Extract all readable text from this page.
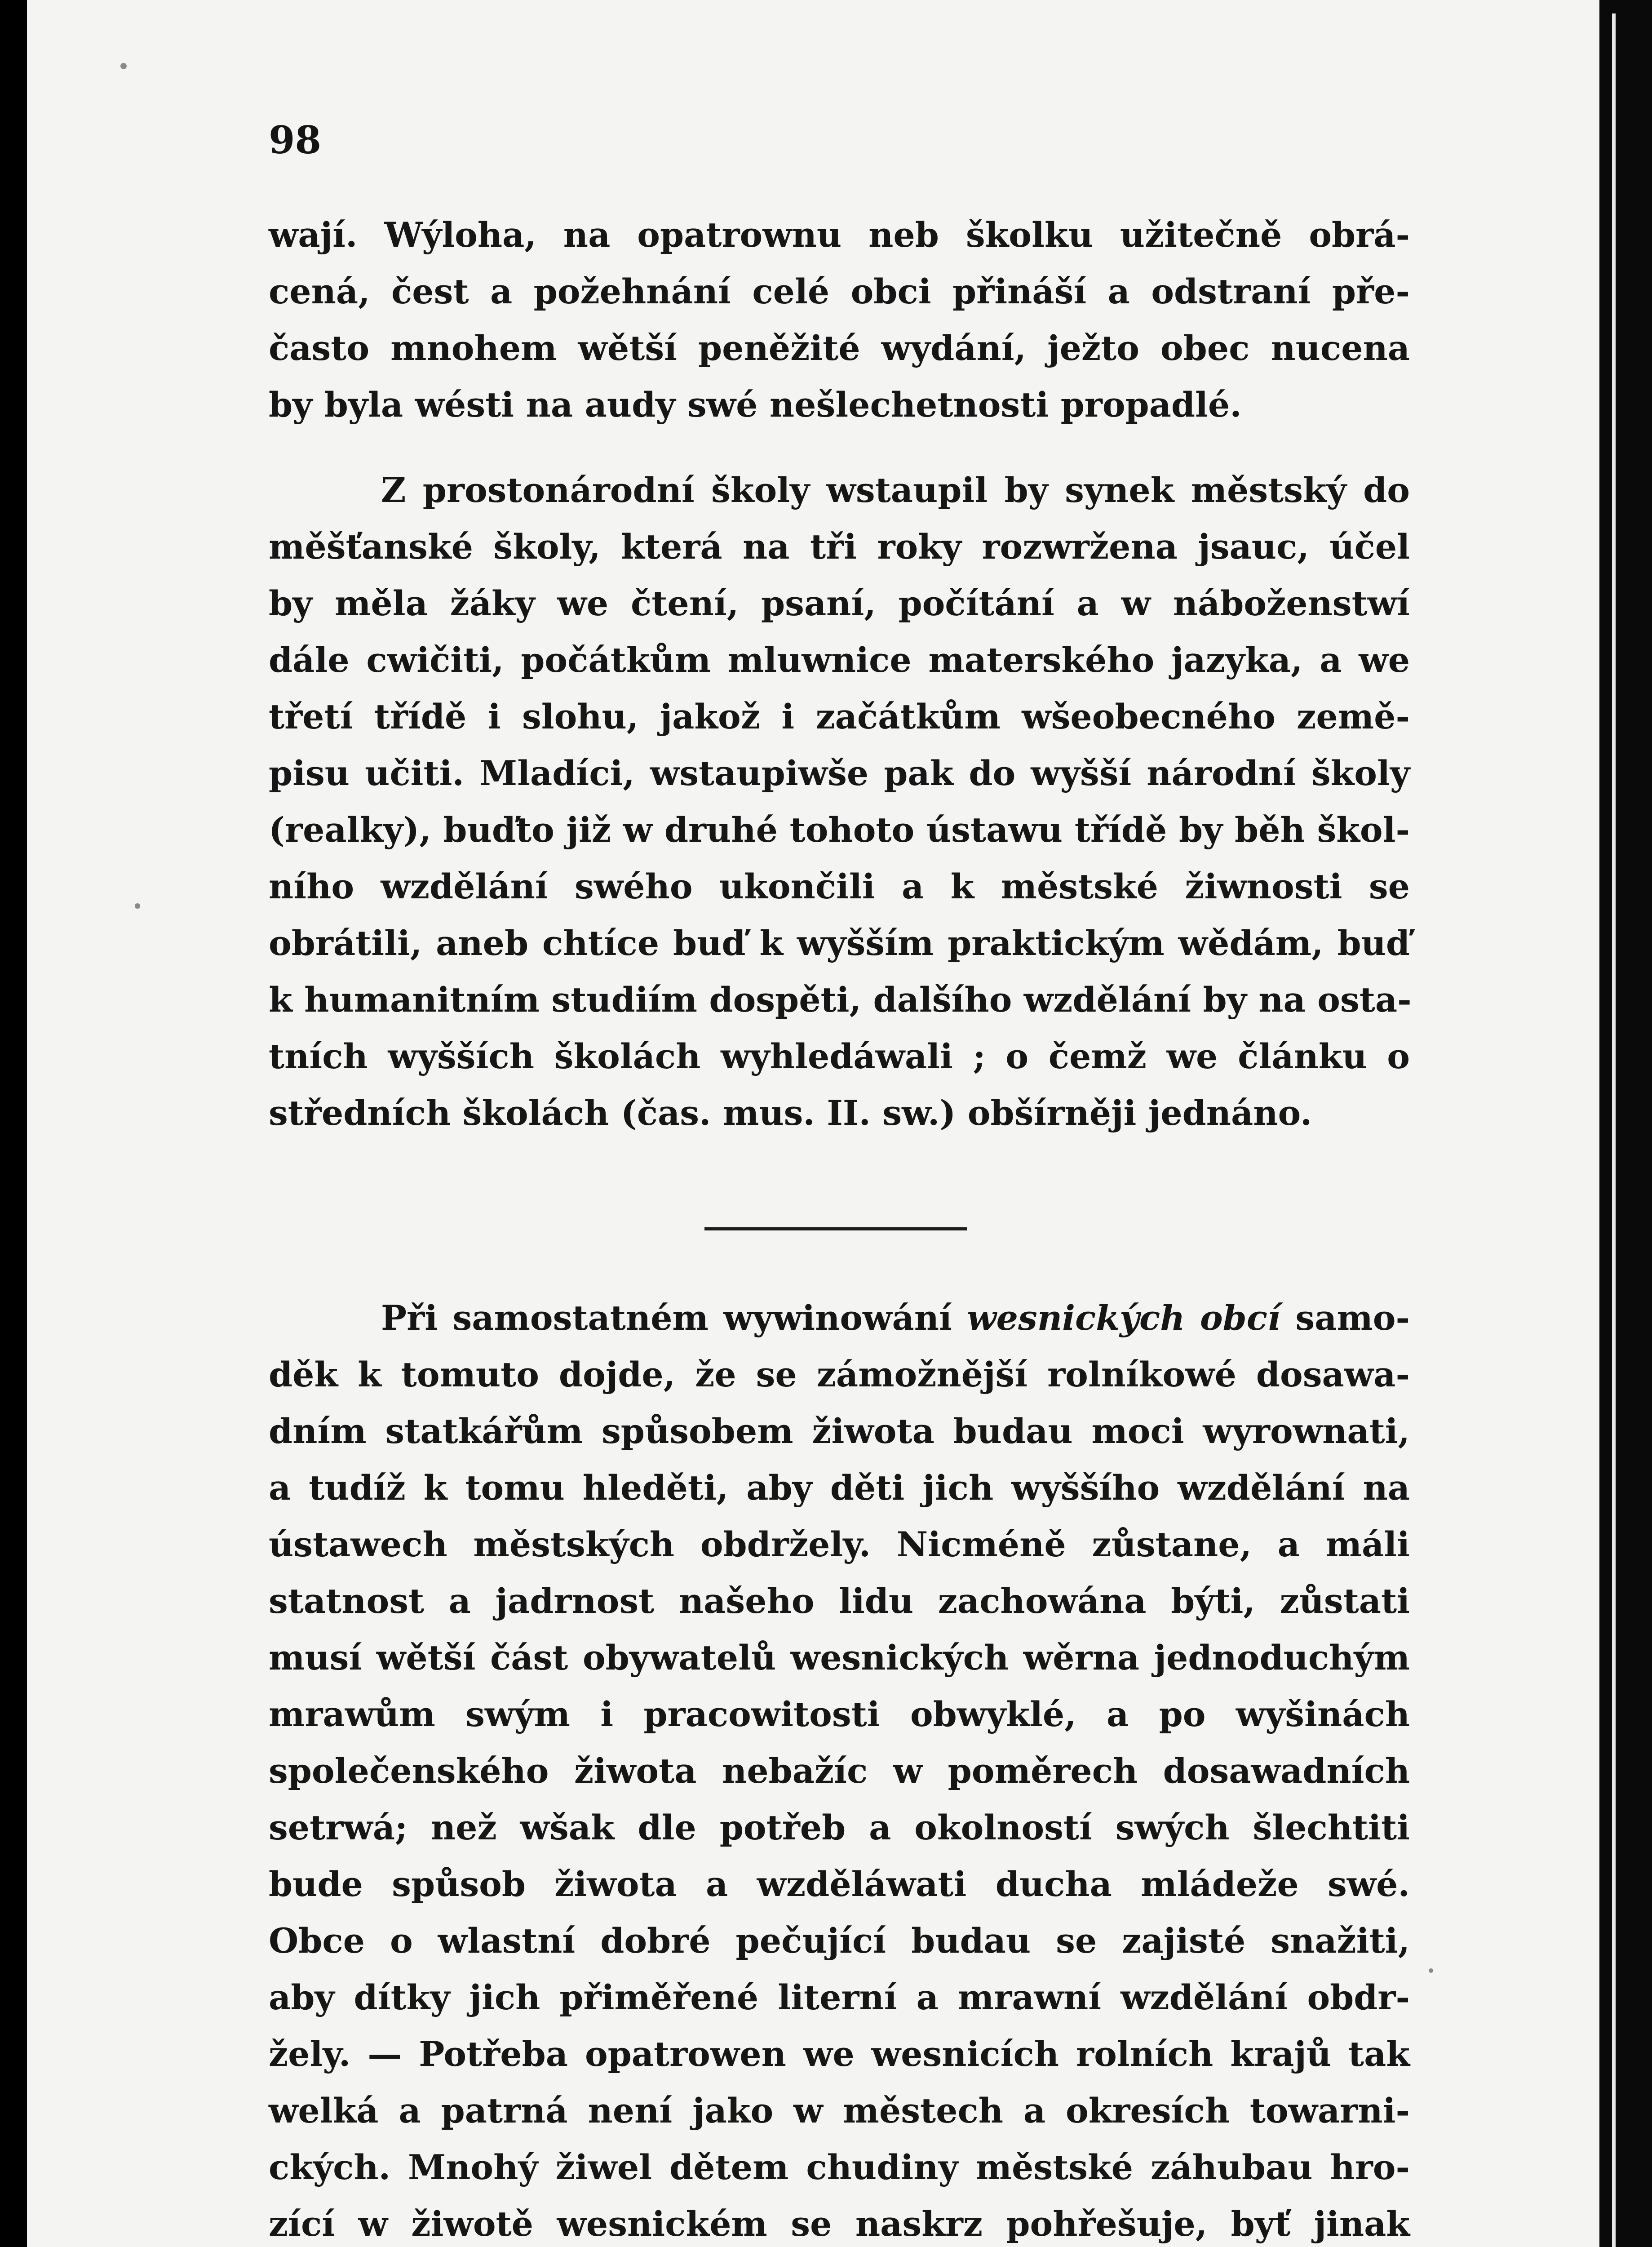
98
wají. Wýloha, na opatrownu neb školku užitečně obrá-
cená, čest a požehnání celé obci přináší a odstraní pře-
často mnohem wětší peněžité wydání, ježto obec nucena
by byla wésti na audy swé nešlechetnosti propadlé.
Z prostonárodní školy wstaupil by synek městský do
měšťanské školy, která na tři roky rozwržena jsauc, účel
by měla žáky we čtení, psaní, počítání a w náboženstwí
dále cwičiti, počátkům mluwnice materského jazyka, a we
třetí třídě i slohu, jakož i začátkům wšeobecného země-
pisu učiti. Mladíci, wstaupiwše pak do wyšší národní školy
(realky), buďto již w druhé tohoto ústawu třídě by běh škol-
ního wzdělání swého ukončili a k městské žiwnosti se
obrátili, aneb chtíce buď k wyšším praktickým wědám, buď
k humanitním studiím dospěti, dalšího wzdělání by na osta-
tních wyšších školách wyhledáwali ; o čemž we článku o
středních školách (čas. mus. II. sw.) obšírněji jednáno.
Při samostatném wywinowání wesnických obcí samo-
děk k tomuto dojde, že se zámožnější rolníkowé dosawa-
dním statkářům spůsobem žiwota budau moci wyrownati,
a tudíž k tomu hleděti, aby děti jich wyššího wzdělání na
ústawech městských obdržely. Nicméně zůstane, a máli
statnost a jadrnost našeho lidu zachowána býti, zůstati
musí wětší část obywatelů wesnických wěrna jednoduchým
mrawům swým i pracowitosti obwyklé, a po wyšinách
společenského žiwota nebažíc w poměrech dosawadních
setrwá; než wšak dle potřeb a okolností swých šlechtiti
bude spůsob žiwota a wzděláwati ducha mládeže swé.
Obce o wlastní dobré pečující budau se zajisté snažiti,
aby dítky jich přiměřené literní a mrawní wzdělání obdr-
žely. — Potřeba opatrowen we wesnicích rolních krajů tak
welká a patrná není jako w městech a okresích towarni-
ckých. Mnohý žiwel dětem chudiny městské záhubau hro-
zící w žiwotě wesnickém se naskrz pohřešuje, byť jinak
